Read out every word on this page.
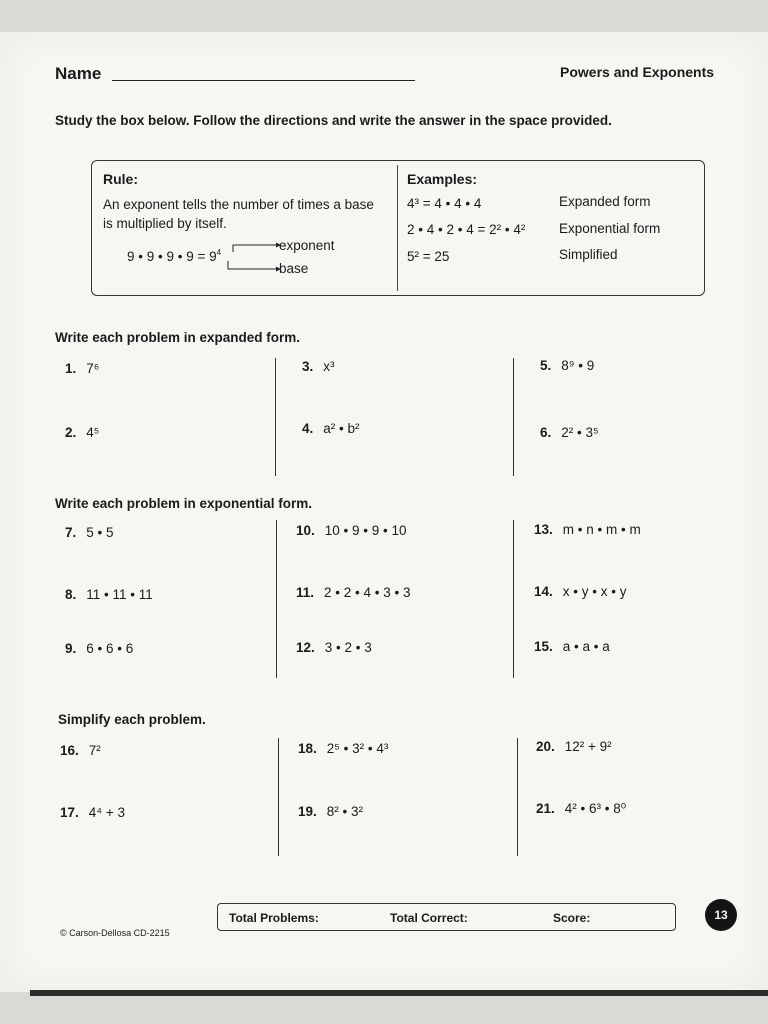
Name	Powers and Exponents
Study the box below. Follow the directions and write the answer in the space provided.
Rule:
An exponent tells the number of times a base is multiplied by itself.
9 • 9 • 9 • $9 = 9^4$	exponent
base
Examples:
4³ = 4 • 4 • 4	Expanded form
2 • 4 • 2 • 4 = 2² • 4² Exponential form
5² = 25	Simplified
Write each problem in expanded form.
1. 7⁶
2. 4⁵
3. x³
4. a² • b²
5. 8⁹ • 9
6. 2² • 3⁵
Write each problem in exponential form.
7. 5 • 5
8. 11 • 11 • 11
9. 6 • 6 • 6
10. 10 • 9 • 9 • 10
11. 2 • 2 • 4 • 3 • 3
12. 3 • 2 • 3
13. m • n • m • m
14. x • y • x • y
15. a • a • a
Simplify each problem.
16. 7²
17. 4⁴ + 3
18. 2⁵ • 3² • 4³
19. 8² • 3²
20. 12² + 9²
21. 4² • 6³ • 8⁰
Total Problems:	Total Correct:	Score:
© Carson-Dellosa CD-2215
13
